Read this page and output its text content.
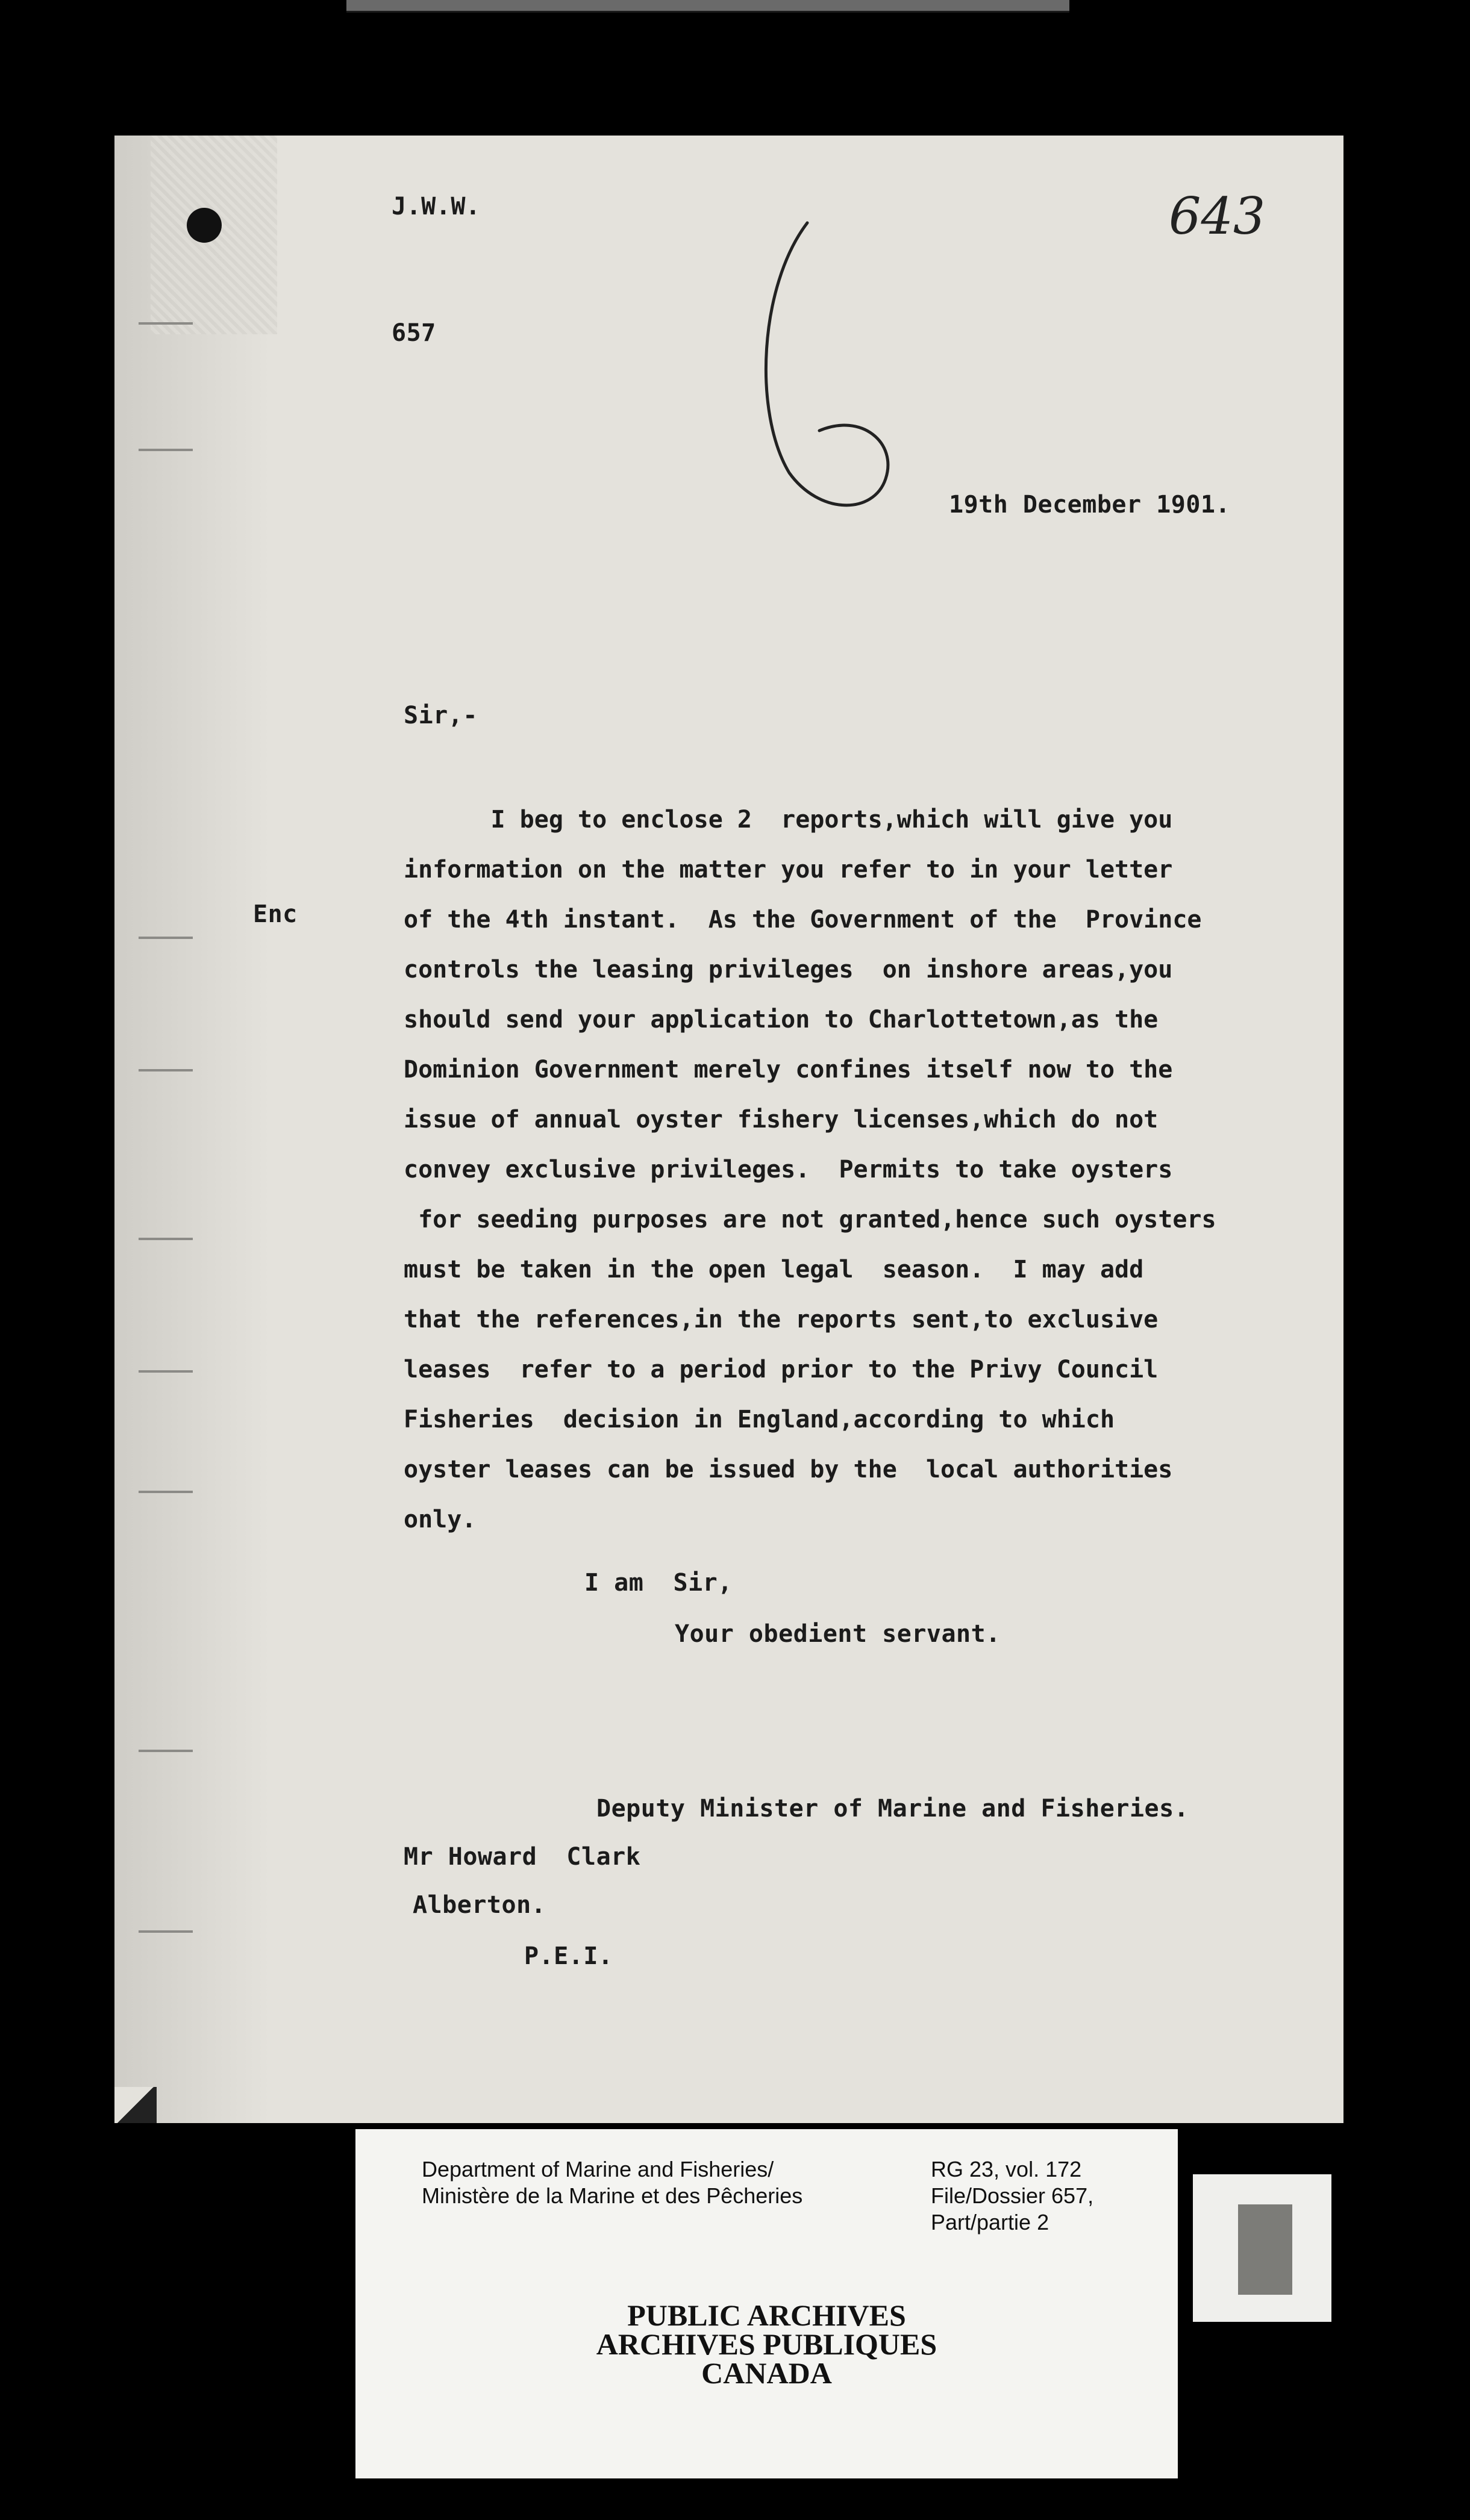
643
J.W.W.
657
19th December 1901.
Sir,-
Enc
I beg to enclose 2  reports,which will give you
information on the matter you refer to in your letter
of the 4th instant.  As the Government of the  Province
controls the leasing privileges  on inshore areas,you
should send your application to Charlottetown,as the
Dominion Government merely confines itself now to the
issue of annual oyster fishery licenses,which do not
convey exclusive privileges.  Permits to take oysters
for seeding purposes are not granted,hence such oysters
must be taken in the open legal  season.  I may add
that the references,in the reports sent,to exclusive
leases  refer to a period prior to the Privy Council
Fisheries  decision in England,according to which
oyster leases can be issued by the  local authorities
only.
I am  Sir,
Your obedient servant.
Deputy Minister of Marine and Fisheries.
Mr Howard  Clark
Alberton.
P.E.I.
Department of Marine and Fisheries/
Ministère de la Marine et des Pêcheries
RG 23, vol. 172
File/Dossier 657,
Part/partie 2
PUBLIC ARCHIVES
ARCHIVES PUBLIQUES
CANADA
